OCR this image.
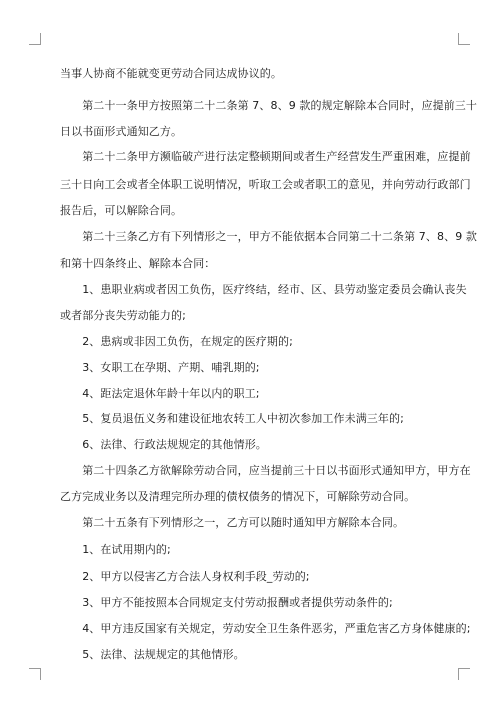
当事人协商不能就变更劳动合同达成协议的。
　　第二十一条甲方按照第二十二条第 7、8、9 款的规定解除本合同时，应提前三十
日以书面形式通知乙方。
　　第二十二条甲方濒临破产进行法定整顿期间或者生产经营发生严重困难，应提前
三十日向工会或者全体职工说明情况，听取工会或者职工的意见，并向劳动行政部门
报告后，可以解除合同。
　　第二十三条乙方有下列情形之一，甲方不能依据本合同第二十二条第 7、8、9 款
和第十四条终止、解除本合同：
　　1、患职业病或者因工负伤，医疗终结，经市、区、县劳动鉴定委员会确认丧失
或者部分丧失劳动能力的;
　　2、患病或非因工负伤，在规定的医疗期的;
　　3、女职工在孕期、产期、哺乳期的;
　　4、距法定退休年龄十年以内的职工;
　　5、复员退伍义务和建设征地农转工人中初次参加工作未满三年的;
　　6、法律、行政法规规定的其他情形。
　　第二十四条乙方欲解除劳动合同，应当提前三十日以书面形式通知甲方，甲方在
乙方完成业务以及清理完所办理的债权债务的情况下，可解除劳动合同。
　　第二十五条有下列情形之一，乙方可以随时通知甲方解除本合同。
　　1、在试用期内的;
　　2、甲方以侵害乙方合法人身权利手段_劳动的;
　　3、甲方不能按照本合同规定支付劳动报酬或者提供劳动条件的;
　　4、甲方违反国家有关规定，劳动安全卫生条件恶劣，严重危害乙方身体健康的;
　　5、法律、法规规定的其他情形。
